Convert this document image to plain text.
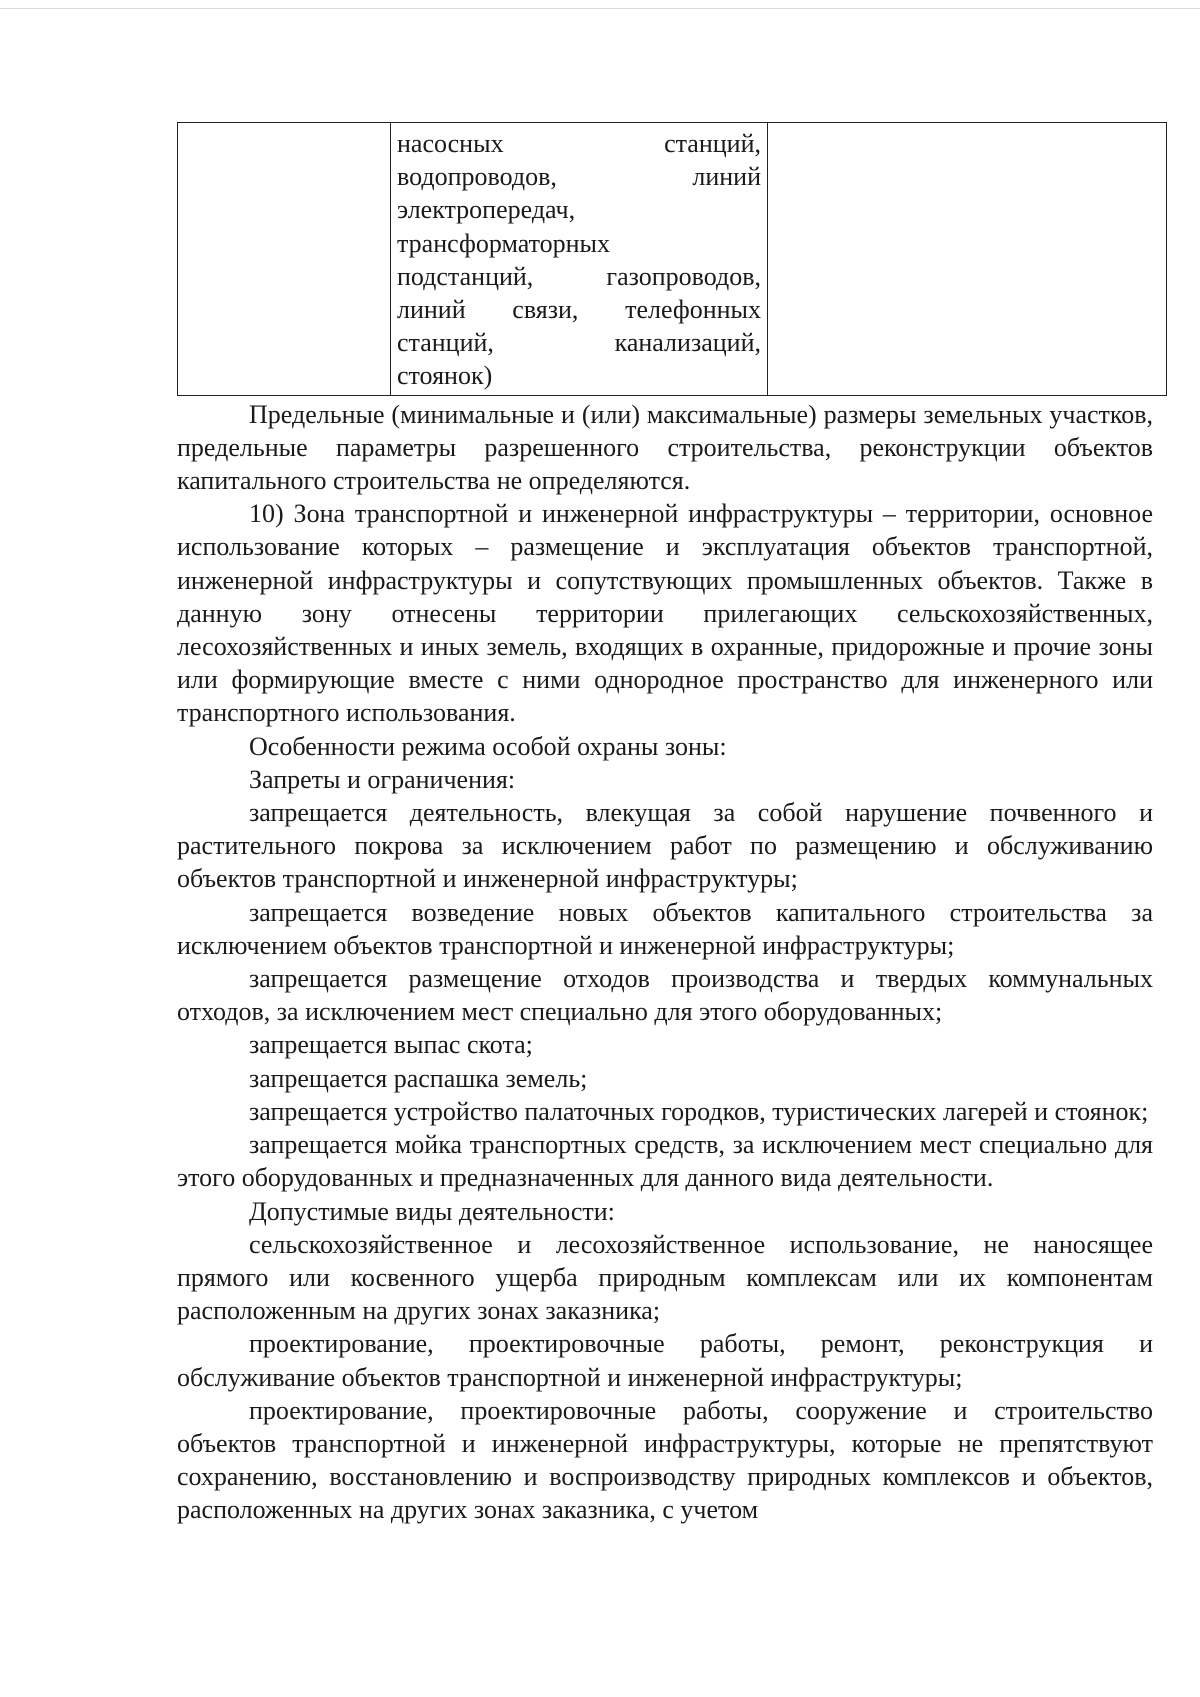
насосных станций,
водопроводов, линий
электропередач,
трансформаторных
подстанций, газопроводов,
линий связи, телефонных
станций, канализаций,
стоянок)

Предельные (минимальные и (или) максимальные) размеры земельных участков, предельные параметры разрешенного строительства, реконструкции объектов капитального строительства не определяются.

10) Зона транспортной и инженерной инфраструктуры – территории, основное использование которых – размещение и эксплуатация объектов транспортной, инженерной инфраструктуры и сопутствующих промышленных объектов. Также в данную зону отнесены территории прилегающих сельскохозяйственных, лесохозяйственных и иных земель, входящих в охранные, придорожные и прочие зоны или формирующие вместе с ними однородное пространство для инженерного или транспортного использования.

Особенности режима особой охраны зоны:

Запреты и ограничения:

запрещается деятельность, влекущая за собой нарушение почвенного и растительного покрова за исключением работ по размещению и обслуживанию объектов транспортной и инженерной инфраструктуры;

запрещается возведение новых объектов капитального строительства за исключением объектов транспортной и инженерной инфраструктуры;

запрещается размещение отходов производства и твердых коммунальных отходов, за исключением мест специально для этого оборудованных;

запрещается выпас скота;

запрещается распашка земель;

запрещается устройство палаточных городков, туристических лагерей и стоянок;

запрещается мойка транспортных средств, за исключением мест специально для этого оборудованных и предназначенных для данного вида деятельности.

Допустимые виды деятельности:

сельскохозяйственное и лесохозяйственное использование, не наносящее прямого или косвенного ущерба природным комплексам или их компонентам расположенным на других зонах заказника;

проектирование, проектировочные работы, ремонт, реконструкция и обслуживание объектов транспортной и инженерной инфраструктуры;

проектирование, проектировочные работы, сооружение и строительство объектов транспортной и инженерной инфраструктуры, которые не препятствуют сохранению, восстановлению и воспроизводству природных комплексов и объектов, расположенных на других зонах заказника, с учетом
